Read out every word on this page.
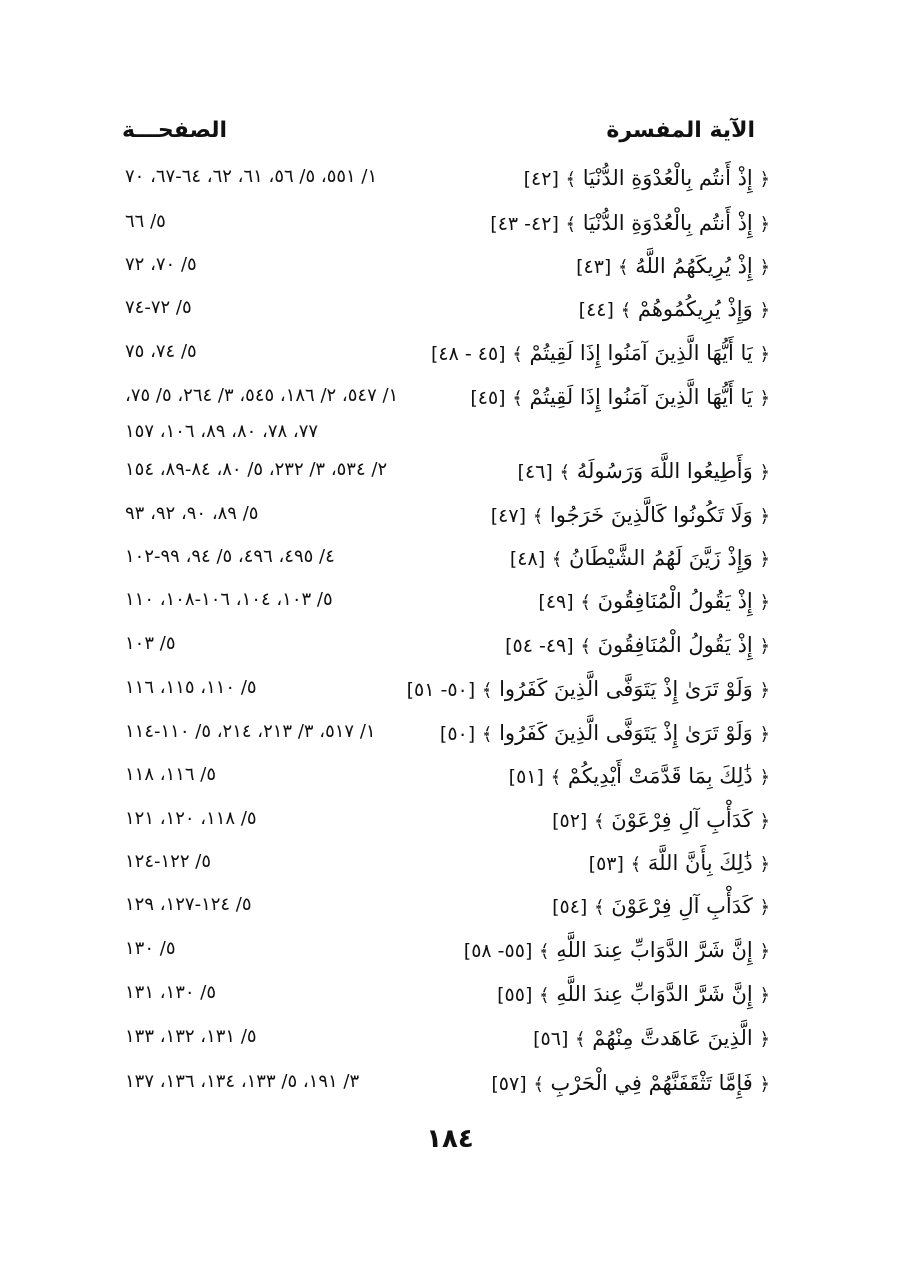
الآية المفسرة
الصفحـــة
﴿ إِذْ أَنتُم بِالْعُدْوَةِ الدُّنْيَا ﴾ [٤٢]
١/ ٥٥١، ٥/ ٥٦، ٦١، ٦٢، ٦٤-٦٧، ٧٠
﴿ إِذْ أَنتُم بِالْعُدْوَةِ الدُّنْيَا ﴾ [٤٢- ٤٣]
٥/ ٦٦
﴿ إِذْ يُرِيكَهُمُ اللَّهُ ﴾ [٤٣]
٥/ ٧٠، ٧٢
﴿ وَإِذْ يُرِيكُمُوهُمْ ﴾ [٤٤]
٥/ ٧٢-٧٤
﴿ يَا أَيُّهَا الَّذِينَ آمَنُوا إِذَا لَقِيتُمْ ﴾ [٤٥ - ٤٨]
٥/ ٧٤، ٧٥
﴿ يَا أَيُّهَا الَّذِينَ آمَنُوا إِذَا لَقِيتُمْ ﴾ [٤٥]
١/ ٥٤٧، ٢/ ١٨٦، ٥٤٥، ٣/ ٢٦٤، ٥/ ٧٥،
٧٧، ٧٨، ٨٠، ٨٩، ١٠٦، ١٥٧
﴿ وَأَطِيعُوا اللَّهَ وَرَسُولَهُ ﴾ [٤٦]
٢/ ٥٣٤، ٣/ ٢٣٢، ٥/ ٨٠، ٨٤-٨٩، ١٥٤
﴿ وَلَا تَكُونُوا كَالَّذِينَ خَرَجُوا ﴾ [٤٧]
٥/ ٨٩، ٩٠، ٩٢، ٩٣
﴿ وَإِذْ زَيَّنَ لَهُمُ الشَّيْطَانُ ﴾ [٤٨]
٤/ ٤٩٥، ٤٩٦، ٥/ ٩٤، ٩٩-١٠٢
﴿ إِذْ يَقُولُ الْمُنَافِقُونَ ﴾ [٤٩]
٥/ ١٠٣، ١٠٤، ١٠٦-١٠٨، ١١٠
﴿ إِذْ يَقُولُ الْمُنَافِقُونَ ﴾ [٤٩- ٥٤]
٥/ ١٠٣
﴿ وَلَوْ تَرَىٰ إِذْ يَتَوَفَّى الَّذِينَ كَفَرُوا ﴾ [٥٠- ٥١]
٥/ ١١٠، ١١٥، ١١٦
﴿ وَلَوْ تَرَىٰ إِذْ يَتَوَفَّى الَّذِينَ كَفَرُوا ﴾ [٥٠]
١/ ٥١٧، ٣/ ٢١٣، ٢١٤، ٥/ ١١٠-١١٤
﴿ ذَٰلِكَ بِمَا قَدَّمَتْ أَيْدِيكُمْ ﴾ [٥١]
٥/ ١١٦، ١١٨
﴿ كَدَأْبِ آلِ فِرْعَوْنَ ﴾ [٥٢]
٥/ ١١٨، ١٢٠، ١٢١
﴿ ذَٰلِكَ بِأَنَّ اللَّهَ ﴾ [٥٣]
٥/ ١٢٢-١٢٤
﴿ كَدَأْبِ آلِ فِرْعَوْنَ ﴾ [٥٤]
٥/ ١٢٤-١٢٧، ١٢٩
﴿ إِنَّ شَرَّ الدَّوَابِّ عِندَ اللَّهِ ﴾ [٥٥- ٥٨]
٥/ ١٣٠
﴿ إِنَّ شَرَّ الدَّوَابِّ عِندَ اللَّهِ ﴾ [٥٥]
٥/ ١٣٠، ١٣١
﴿ الَّذِينَ عَاهَدتَّ مِنْهُمْ ﴾ [٥٦]
٥/ ١٣١، ١٣٢، ١٣٣
﴿ فَإِمَّا تَثْقَفَنَّهُمْ فِي الْحَرْبِ ﴾ [٥٧]
٣/ ١٩١، ٥/ ١٣٣، ١٣٤، ١٣٦، ١٣٧
١٨٤
